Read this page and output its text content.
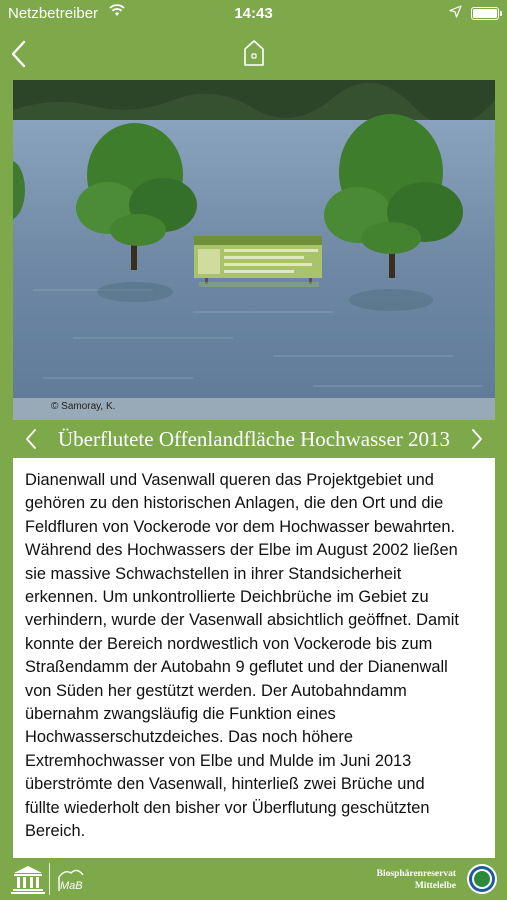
Netzbetreiber	14:43
© Samoray, K.
Überflutete Offenlandfläche Hochwasser 2013
Dianenwall und Vasenwall queren das Projektgebiet und
gehören zu den historischen Anlagen, die den Ort und die
Feldfluren von Vockerode vor dem Hochwasser bewahrten.
Während des Hochwassers der Elbe im August 2002 ließen
sie massive Schwachstellen in ihrer Standsicherheit
erkennen. Um unkontrollierte Deichbrüche im Gebiet zu
verhindern, wurde der Vasenwall absichtlich geöffnet. Damit
konnte der Bereich nordwestlich von Vockerode bis zum
Straßendamm der Autobahn 9 geflutet und der Dianenwall
von Süden her gestützt werden. Der Autobahndamm
übernahm zwangsläufig die Funktion eines
Hochwasserschutzdeiches. Das noch höhere
Extremhochwasser von Elbe und Mulde im Juni 2013
überströmte den Vasenwall, hinterließ zwei Brüche und
füllte wiederholt den bisher vor Überflutung geschützten
Bereich.
MaB
Biosphärenreservat
Mittelelbe
